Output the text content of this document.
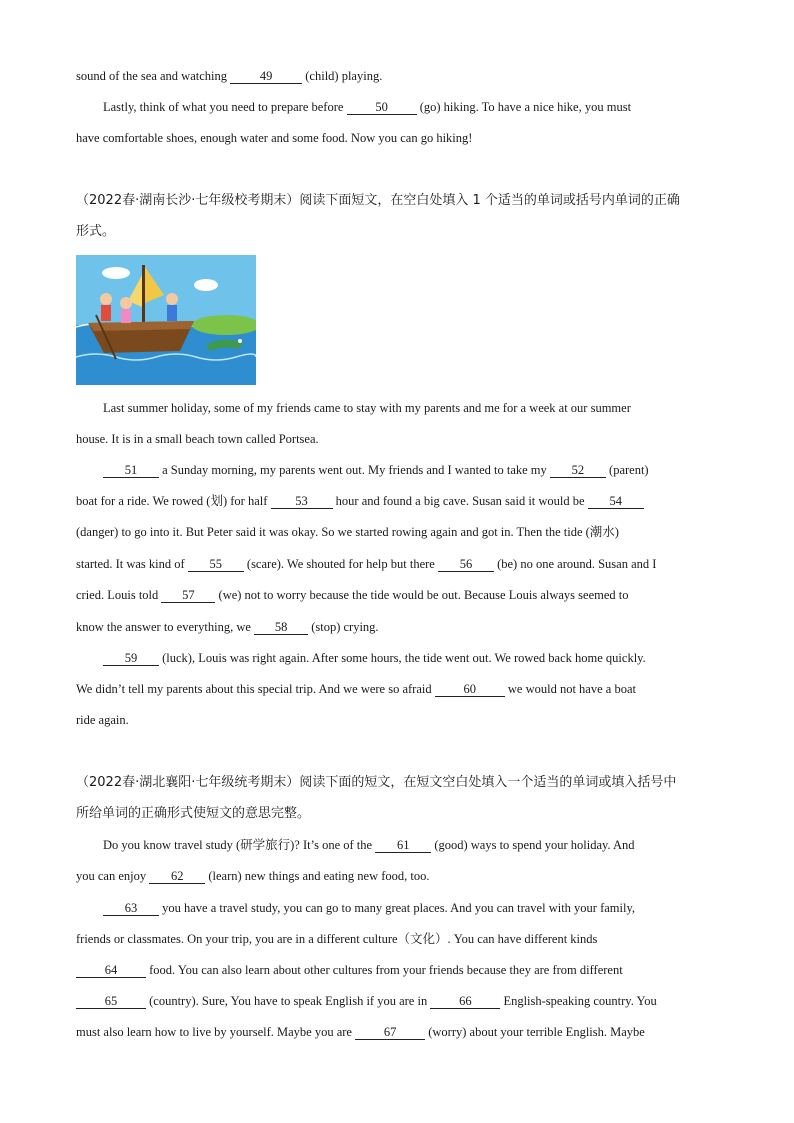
sound of the sea and watching 49 (child) playing.
Lastly, think of what you need to prepare before 50 (go) hiking. To have a nice hike, you must
have comfortable shoes, enough water and some food. Now you can go hiking!
（2022春·湖南长沙·七年级校考期末）阅读下面短文，在空白处填入 1 个适当的单词或括号内单词的正确
形式。
Last summer holiday, some of my friends came to stay with my parents and me for a week at our summer
house. It is in a small beach town called Portsea.
51 a Sunday morning, my parents went out. My friends and I wanted to take my 52 (parent)
boat for a ride. We rowed (划) for half 53 hour and found a big cave. Susan said it would be 54
(danger) to go into it. But Peter said it was okay. So we started rowing again and got in. Then the tide (潮水)
started. It was kind of 55 (scare). We shouted for help but there 56 (be) no one around. Susan and I
cried. Louis told 57 (we) not to worry because the tide would be out. Because Louis always seemed to
know the answer to everything, we 58 (stop) crying.
59 (luck), Louis was right again. After some hours, the tide went out. We rowed back home quickly.
We didn’t tell my parents about this special trip. And we were so afraid 60 we would not have a boat
ride again.
（2022春·湖北襄阳·七年级统考期末）阅读下面的短文，在短文空白处填入一个适当的单词或填入括号中
所给单词的正确形式使短文的意思完整。
Do you know travel study (研学旅行)? It’s one of the 61 (good) ways to spend your holiday. And
you can enjoy 62 (learn) new things and eating new food, too.
63 you have a travel study, you can go to many great places. And you can travel with your family,
friends or classmates. On your trip, you are in a different culture（文化）. You can have different kinds
64 food. You can also learn about other cultures from your friends because they are from different
65 (country). Sure, You have to speak English if you are in 66 English-speaking country. You
must also learn how to live by yourself. Maybe you are 67 (worry) about your terrible English. Maybe
